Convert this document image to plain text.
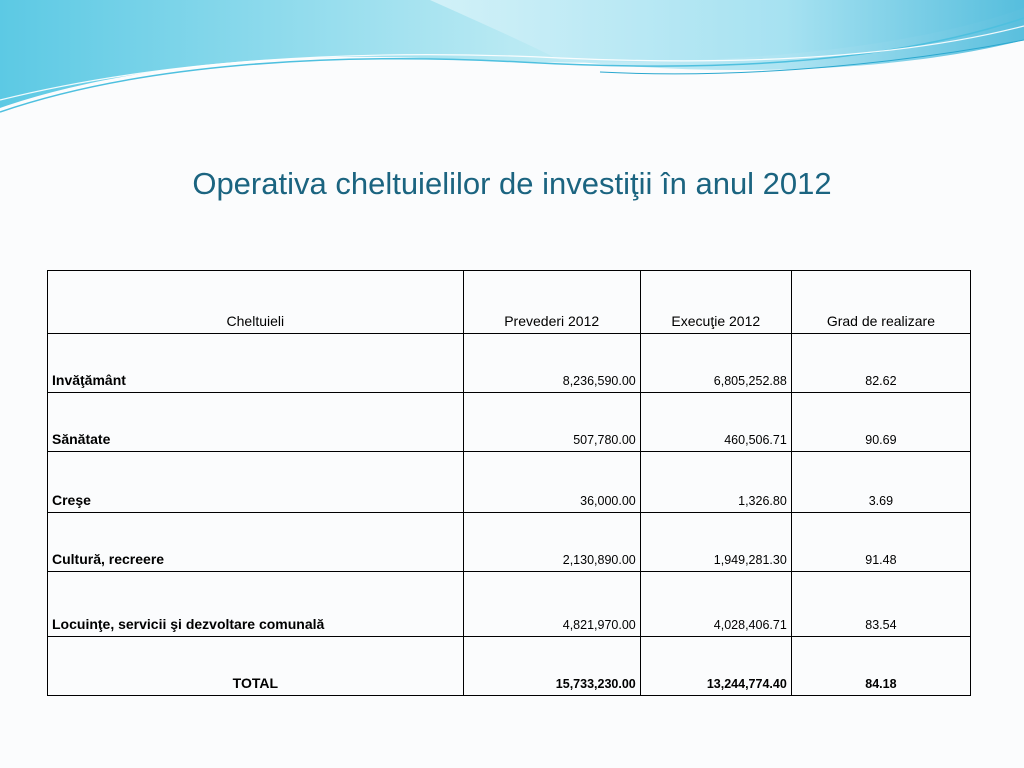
Operativa cheltuielilor de investiţii în anul 2012
Cheltuieli	Prevederi 2012	Execuţie 2012	Grad de realizare
Invăţământ	8,236,590.00	6,805,252.88	82.62
Sănătate	507,780.00	460,506.71	90.69
Creşe	36,000.00	1,326.80	3.69
Cultură, recreere	2,130,890.00	1,949,281.30	91.48
Locuinţe, servicii şi dezvoltare comunală	4,821,970.00	4,028,406.71	83.54
TOTAL	15,733,230.00	13,244,774.40	84.18
